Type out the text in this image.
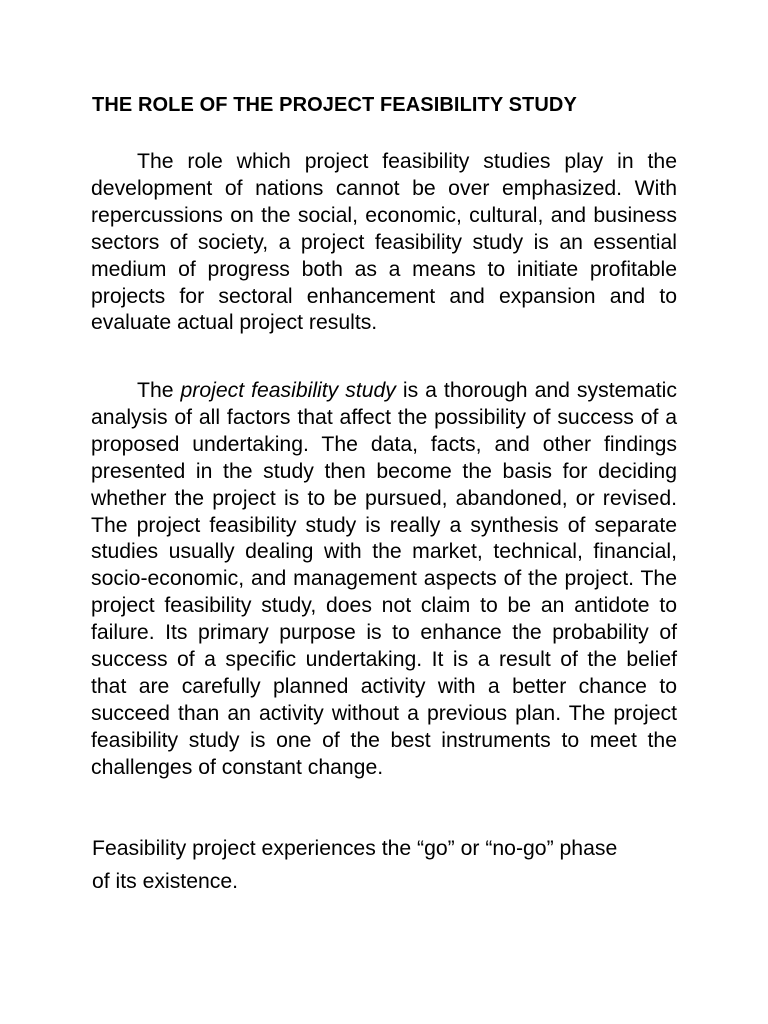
THE ROLE OF THE PROJECT FEASIBILITY STUDY

The role which project feasibility studies play in the development of nations cannot be over emphasized. With repercussions on the social, economic, cultural, and business sectors of society, a project feasibility study is an essential medium of progress both as a means to initiate profitable projects for sectoral enhancement and expansion and to evaluate actual project results.

The project feasibility study is a thorough and systematic analysis of all factors that affect the possibility of success of a proposed undertaking. The data, facts, and other findings presented in the study then become the basis for deciding whether the project is to be pursued, abandoned, or revised. The project feasibility study is really a synthesis of separate studies usually dealing with the market, technical, financial, socio-economic, and management aspects of the project. The project feasibility study, does not claim to be an antidote to failure. Its primary purpose is to enhance the probability of success of a specific undertaking. It is a result of the belief that are carefully planned activity with a better chance to succeed than an activity without a previous plan. The project feasibility study is one of the best instruments to meet the challenges of constant change.

Feasibility project experiences the “go” or “no-go” phase
of its existence.
